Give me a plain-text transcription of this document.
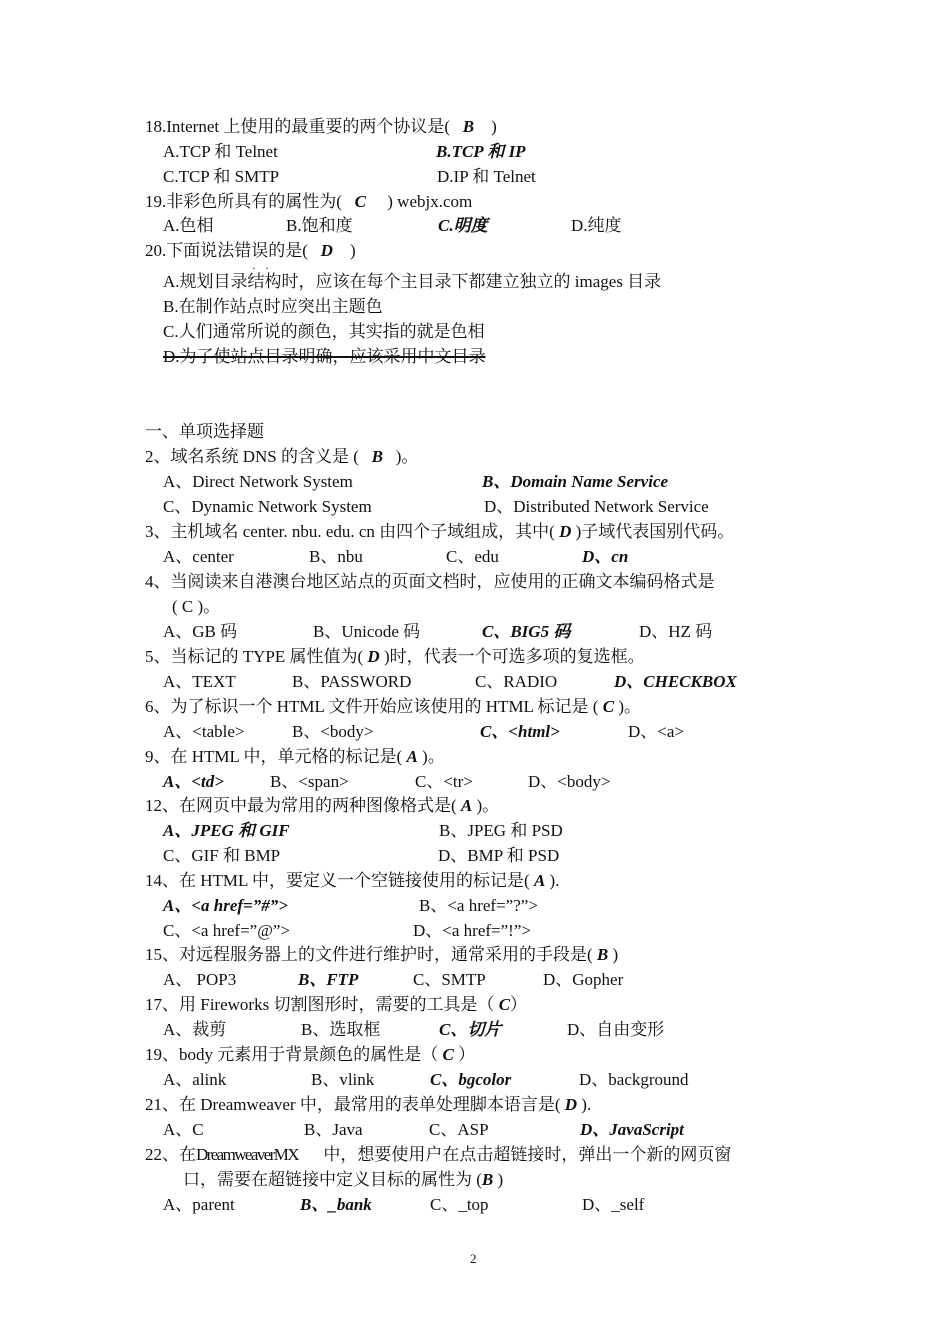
18.Internet 上使用的最重要的两个协议是( B )
A.TCP 和 Telnet	B.TCP 和 IP
C.TCP 和 SMTP	D.IP 和 Telnet
19.非彩色所具有的属性为( C ) webjx.com
A.色相	B.饱和度	C.明度	D.纯度
20.下面说法错误的是( D )
··
A.规划目录结构时，应该在每个主目录下都建立独立的 images 目录
B.在制作站点时应突出主题色
C.人们通常所说的颜色，其实指的就是色相
D.为了使站点目录明确，应该采用中文目录
一、单项选择题
2、域名系统 DNS 的含义是 ( B )。
A、Direct Network System	B、Domain Name Service
C、Dynamic Network System	D、Distributed Network Service
3、主机域名 center. nbu. edu. cn 由四个子域组成，其中( D )子域代表国别代码。
A、center	B、nbu	C、edu	D、cn
4、当阅读来自港澳台地区站点的页面文档时，应使用的正确文本编码格式是
( C )。
A、GB 码	B、Unicode 码	C、BIG5 码	D、HZ 码
5、当标记的 TYPE 属性值为( D )时，代表一个可选多项的复选框。
A、TEXT	B、PASSWORD	C、RADIO	D、CHECKBOX
6、为了标识一个 HTML 文件开始应该使用的 HTML 标记是 ( C )。
A、<table>	B、<body>	C、<html>	D、<a>
9、在 HTML 中，单元格的标记是( A )。
A、<td>	B、<span>	C、<tr>	D、<body>
12、在网页中最为常用的两种图像格式是( A )。
A、JPEG 和 GIF	B、JPEG 和 PSD
C、GIF 和 BMP	D、BMP 和 PSD
14、在 HTML 中，要定义一个空链接使用的标记是( A ).
A、<a href=”#”>	B、<a href=”?”>
C、<a href=”@”>	D、<a href=”!”>
15、对远程服务器上的文件进行维护时，通常采用的手段是( B )
A、 POP3	B、FTP	C、SMTP	D、Gopher
17、用 Fireworks 切割图形时，需要的工具是（ C）
A、裁剪	B、选取框	C、切片	D、自由变形
19、body 元素用于背景颜色的属性是（ C ）
A、alink	B、vlink	C、bgcolor	D、background
21、在 Dreamweaver 中，最常用的表单处理脚本语言是( D ).
A、C	B、Java	C、ASP	D、JavaScript
22、在DreamweaverMX 中，想要使用户在点击超链接时，弹出一个新的网页窗
口，需要在超链接中定义目标的属性为 (B )
A、parent	B、_bank	C、_top	D、_self
2
